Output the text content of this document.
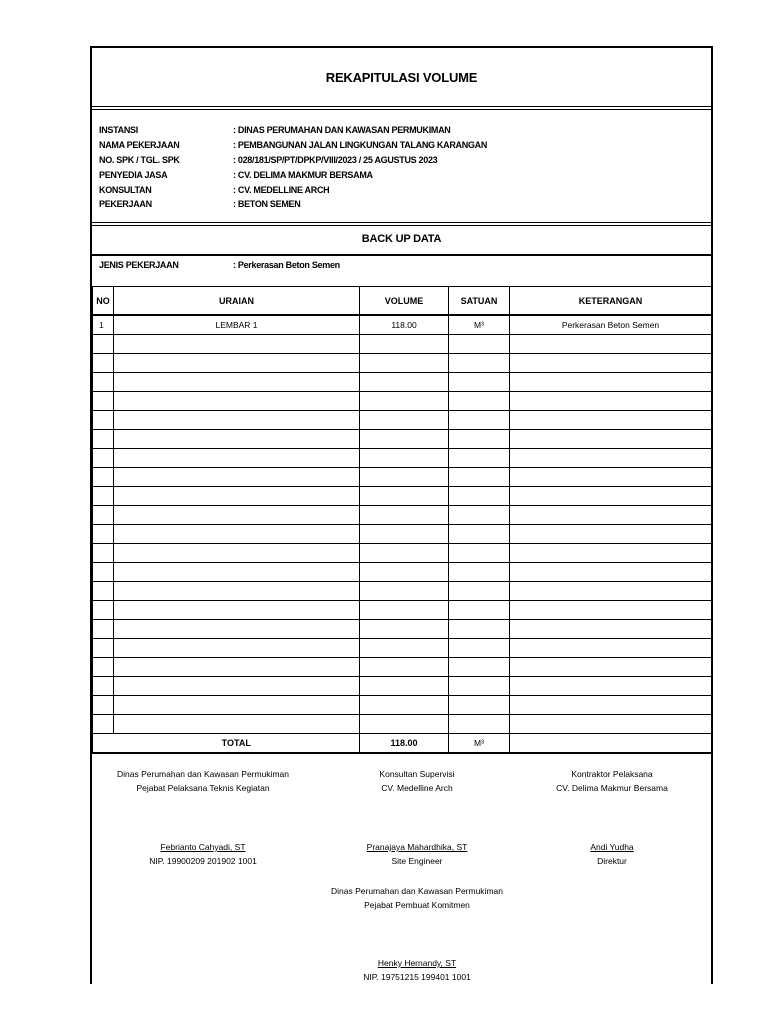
REKAPITULASI VOLUME
INSTANSI	: DINAS PERUMAHAN DAN KAWASAN PERMUKIMAN
NAMA PEKERJAAN	: PEMBANGUNAN JALAN LINGKUNGAN TALANG KARANGAN
NO. SPK / TGL. SPK	: 028/181/SP/PT/DPKP/VIII/2023 / 25 AGUSTUS 2023
PENYEDIA JASA	: CV. DELIMA MAKMUR BERSAMA
KONSULTAN	: CV. MEDELLINE ARCH
PEKERJAAN	: BETON SEMEN
BACK UP DATA
JENIS PEKERJAAN	: Perkerasan Beton Semen
NO	URAIAN	VOLUME	SATUAN	KETERANGAN
1	LEMBAR 1	118.00	M³	Perkerasan Beton Semen

	TOTAL	118.00	M³	
Dinas Perumahan dan Kawasan Permukiman
Pejabat Pelaksana Teknis Kegiatan
Febrianto Cahyadi, ST
NIP. 19900209 201902 1001
Konsultan Supervisi
CV. Medelline Arch
Pranajaya Mahardhika, ST
Site Engineer
Kontraktor Pelaksana
CV. Delima Makmur Bersama
Andi Yudha
Direktur
Dinas Perumahan dan Kawasan Permukiman
Pejabat Pembuat Komitmen
Henky Hernandy, ST
NIP. 19751215 199401 1001
